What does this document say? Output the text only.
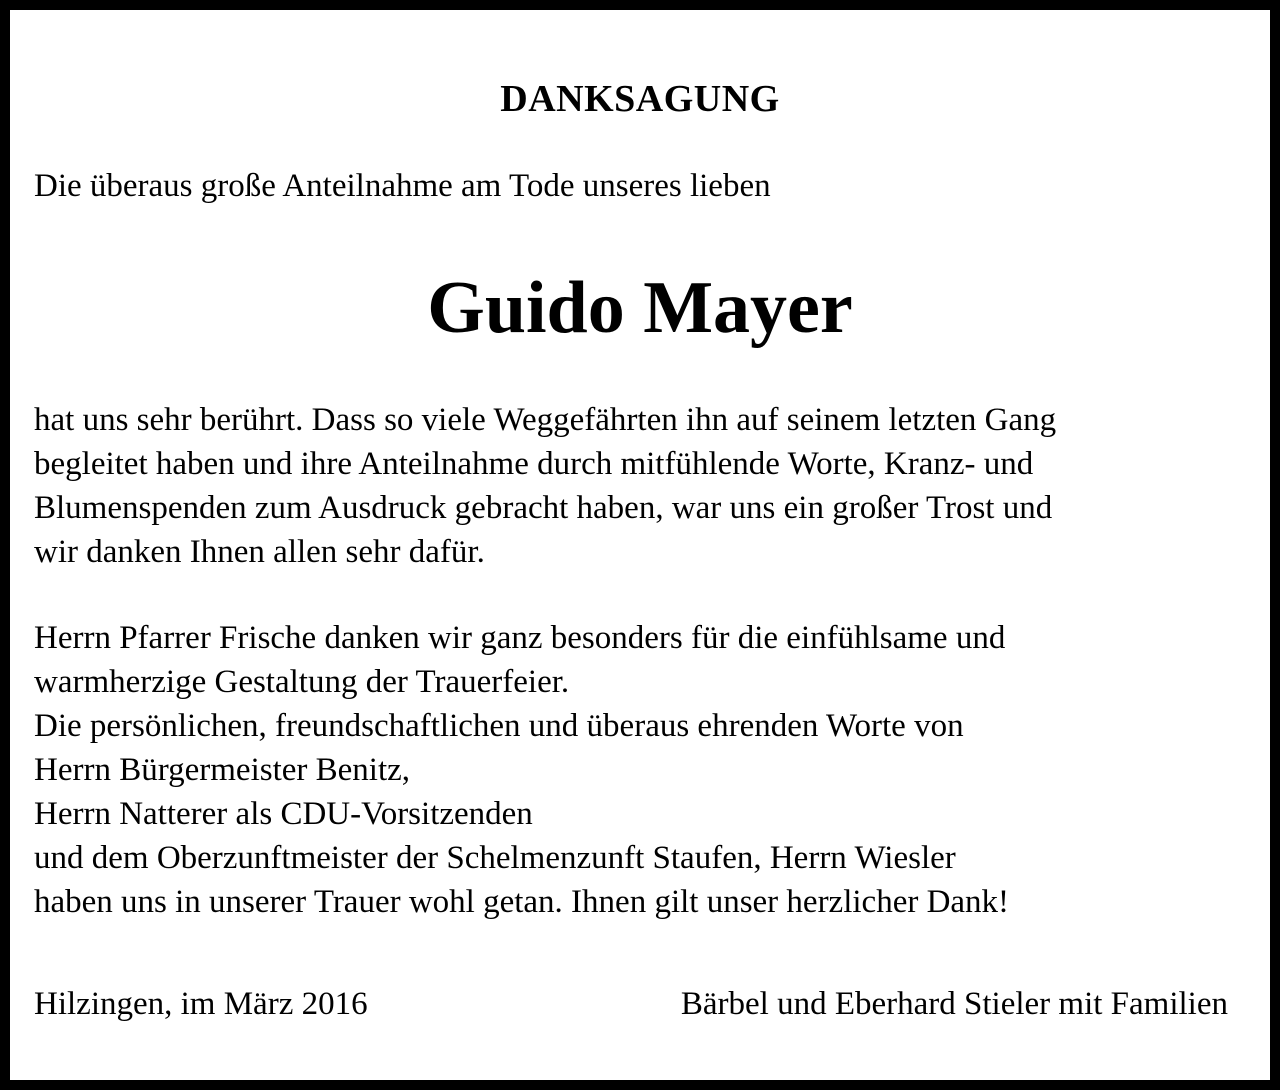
DANKSAGUNG
Die überaus große Anteilnahme am Tode unseres lieben
Guido Mayer
hat uns sehr berührt. Dass so viele Weggefährten ihn auf seinem letzten Gang
begleitet haben und ihre Anteilnahme durch mitfühlende Worte, Kranz- und
Blumenspenden zum Ausdruck gebracht haben, war uns ein großer Trost und
wir danken Ihnen allen sehr dafür.
Herrn Pfarrer Frische danken wir ganz besonders für die einfühlsame und
warmherzige Gestaltung der Trauerfeier.
Die persönlichen, freundschaftlichen und überaus ehrenden Worte von
Herrn Bürgermeister Benitz,
Herrn Natterer als CDU-Vorsitzenden
und dem Oberzunftmeister der Schelmenzunft Staufen, Herrn Wiesler
haben uns in unserer Trauer wohl getan. Ihnen gilt unser herzlicher Dank!
Hilzingen, im März 2016	Bärbel und Eberhard Stieler mit Familien
